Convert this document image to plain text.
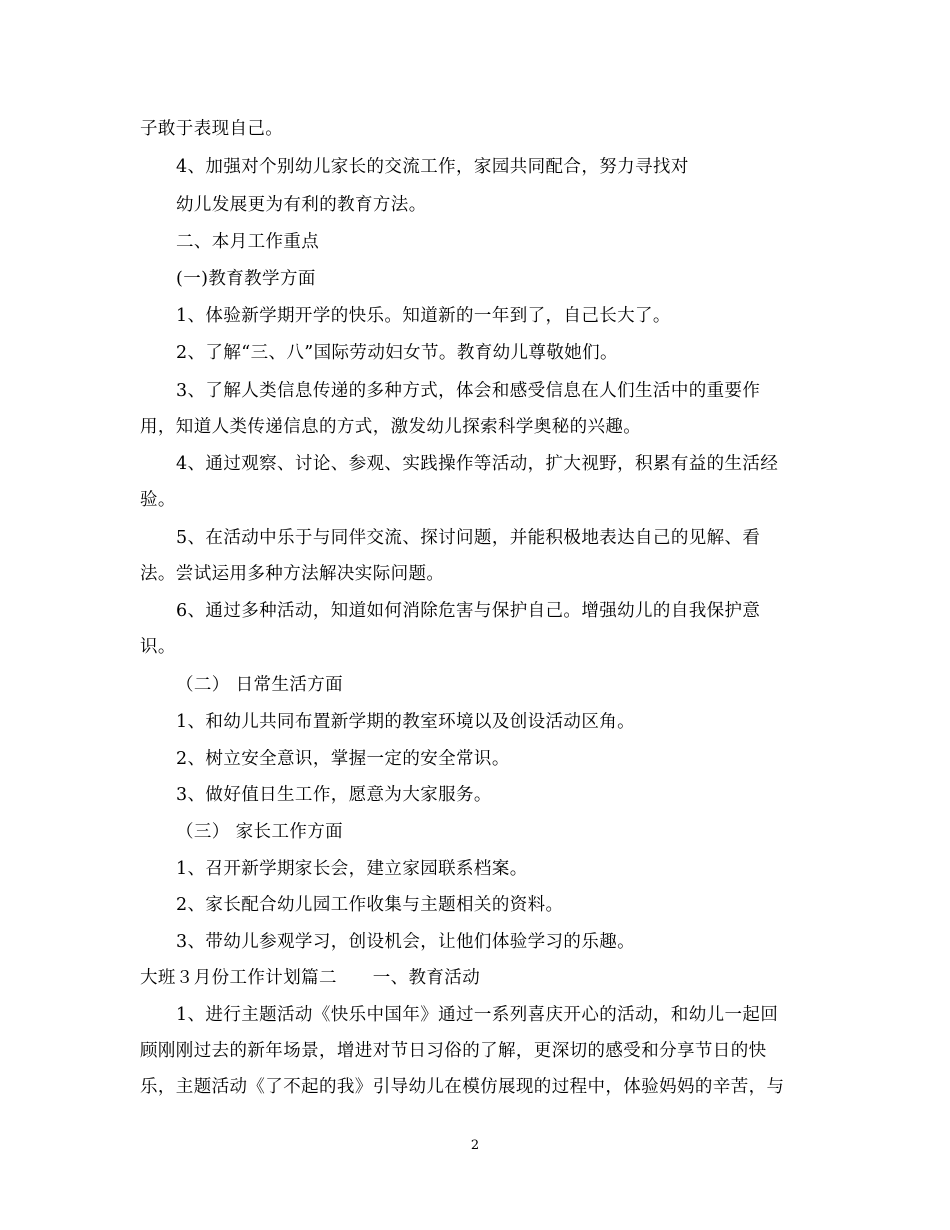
子敢于表现自己。
4、加强对个别幼儿家长的交流工作，家园共同配合，努力寻找对
幼儿发展更为有利的教育方法。
二、本月工作重点
(一)教育教学方面
1、体验新学期开学的快乐。知道新的一年到了，自己长大了。
2、了解“三、八”国际劳动妇女节。教育幼儿尊敬她们。
3、了解人类信息传递的多种方式，体会和感受信息在人们生活中的重要作
用，知道人类传递信息的方式，激发幼儿探索科学奥秘的兴趣。
4、通过观察、讨论、参观、实践操作等活动，扩大视野，积累有益的生活经
验。
5、在活动中乐于与同伴交流、探讨问题，并能积极地表达自己的见解、看
法。尝试运用多种方法解决实际问题。
6、通过多种活动，知道如何消除危害与保护自己。增强幼儿的自我保护意
识。
（二） 日常生活方面
1、和幼儿共同布置新学期的教室环境以及创设活动区角。
2、树立安全意识，掌握一定的安全常识。
3、做好值日生工作，愿意为大家服务。
（三） 家长工作方面
1、召开新学期家长会，建立家园联系档案。
2、家长配合幼儿园工作收集与主题相关的资料。
3、带幼儿参观学习，创设机会，让他们体验学习的乐趣。
大班３月份工作计划篇二　　一、教育活动
1、进行主题活动《快乐中国年》通过一系列喜庆开心的活动，和幼儿一起回
顾刚刚过去的新年场景，增进对节日习俗的了解，更深切的感受和分享节日的快
乐，主题活动《了不起的我》引导幼儿在模仿展现的过程中，体验妈妈的辛苦，与
2
